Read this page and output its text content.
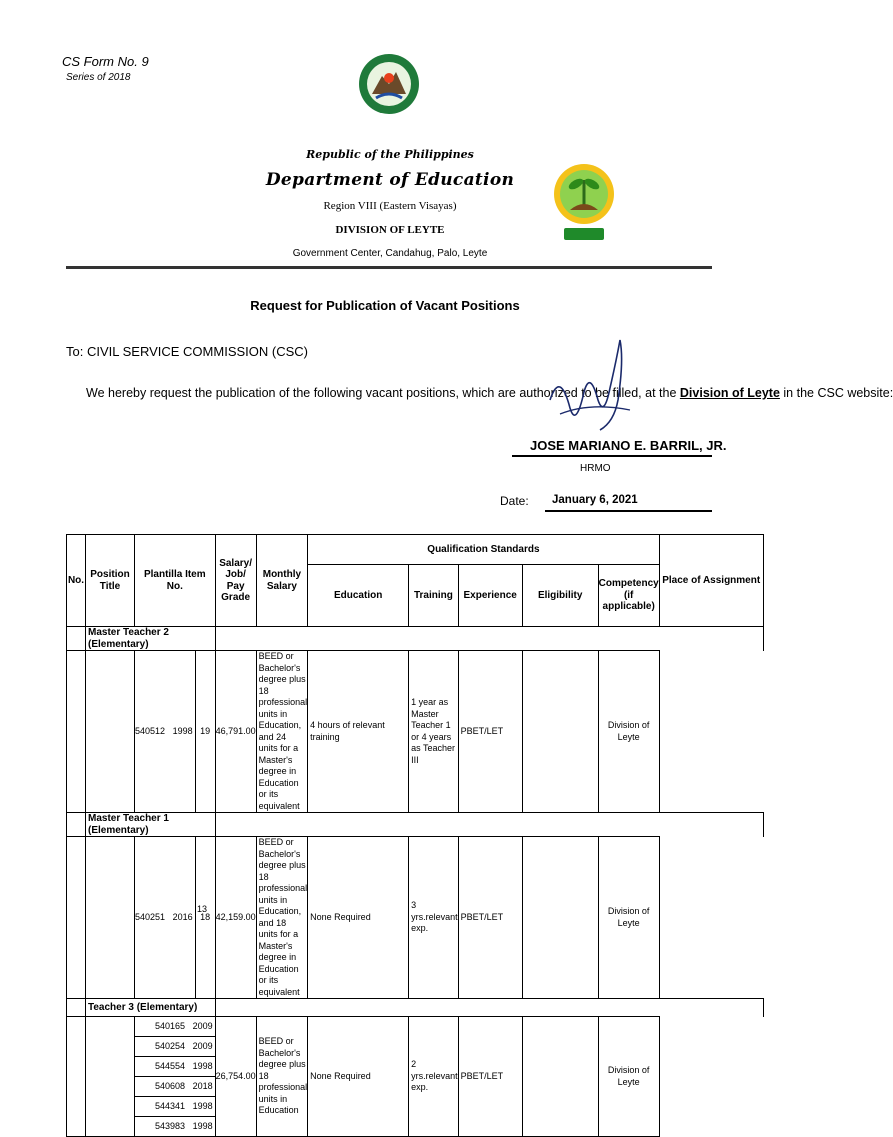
CS Form No. 9
Series of 2018
Republic of the Philippines
Department of Education
Region VIII (Eastern Visayas)
DIVISION OF LEYTE
Government Center, Candahug, Palo, Leyte
Request for Publication of Vacant Positions
To: CIVIL SERVICE COMMISSION (CSC)
We hereby request the publication of the following vacant positions, which are authorized to be filled, at the Division of Leyte in the CSC website:
JOSE MARIANO E. BARRIL, JR.
HRMO
Date: January 6, 2021
No.	Position Title	Plantilla Item No.		Salary/ Job/ Pay Grade	Monthly Salary	Qualification Standards					Place of Assignment
						Education	Training	Experience	Eligibility	Competency (if applicable)	
	Master Teacher 2 (Elementary)										
		540512 1998	19	46,791.00	BEED or Bachelor's degree plus 18 professional units in Education, and 24 units for a Master's degree in Education or its equivalent	4 hours of relevant training	1 year as Master Teacher 1 or 4 years as Teacher III	PBET/LET		Division of Leyte	
	Master Teacher 1 (Elementary)										
		540251 2016	18	42,159.00	BEED or Bachelor's degree plus 18 professional units in Education, and 18 units for a Master's degree in Education or its equivalent	None Required	3 yrs.relevant exp.	PBET/LET		Division of Leyte	
	Teacher 3 (Elementary)										
		540165 2009		26,754.00	BEED or Bachelor's degree plus 18 professional units in Education	None Required	2 yrs.relevant exp.	PBET/LET		Division of Leyte	
		540254 2009									
		544554 1998									
		540608 2018									
		544341 1998									
		543983 1998									
13
